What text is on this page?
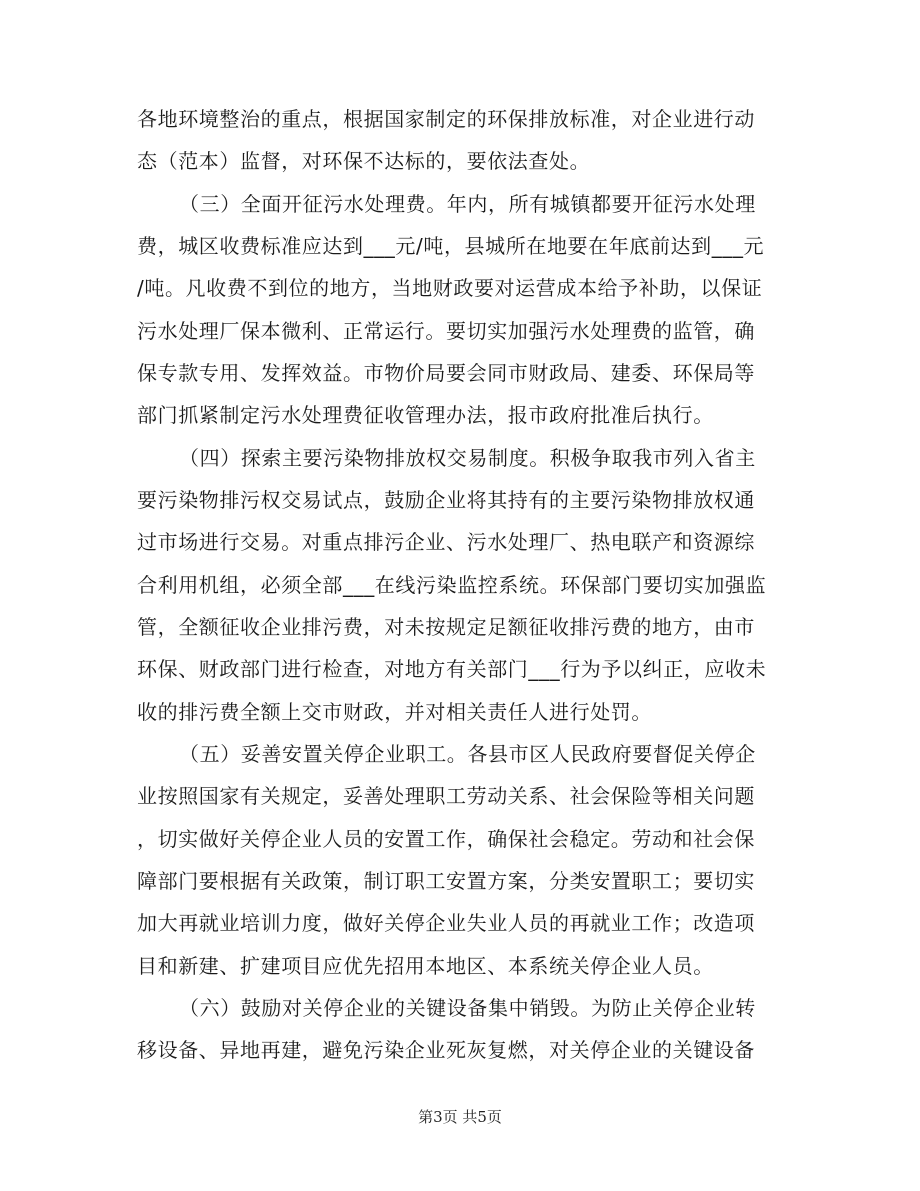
各地环境整治的重点，根据国家制定的环保排放标准，对企业进行动
态（范本）监督，对环保不达标的，要依法查处。
（三）全面开征污水处理费。年内，所有城镇都要开征污水处理
费，城区收费标准应达到___元/吨，县城所在地要在年底前达到___元
/吨。凡收费不到位的地方，当地财政要对运营成本给予补助，以保证
污水处理厂保本微利、正常运行。要切实加强污水处理费的监管，确
保专款专用、发挥效益。市物价局要会同市财政局、建委、环保局等
部门抓紧制定污水处理费征收管理办法，报市政府批准后执行。
（四）探索主要污染物排放权交易制度。积极争取我市列入省主
要污染物排污权交易试点，鼓励企业将其持有的主要污染物排放权通
过市场进行交易。对重点排污企业、污水处理厂、热电联产和资源综
合利用机组，必须全部___在线污染监控系统。环保部门要切实加强监
管，全额征收企业排污费，对未按规定足额征收排污费的地方，由市
环保、财政部门进行检查，对地方有关部门___行为予以纠正，应收未
收的排污费全额上交市财政，并对相关责任人进行处罚。
（五）妥善安置关停企业职工。各县市区人民政府要督促关停企
业按照国家有关规定，妥善处理职工劳动关系、社会保险等相关问题
，切实做好关停企业人员的安置工作，确保社会稳定。劳动和社会保
障部门要根据有关政策，制订职工安置方案，分类安置职工；要切实
加大再就业培训力度，做好关停企业失业人员的再就业工作；改造项
目和新建、扩建项目应优先招用本地区、本系统关停企业人员。
（六）鼓励对关停企业的关键设备集中销毁。为防止关停企业转
移设备、异地再建，避免污染企业死灰复燃，对关停企业的关键设备
第3页 共5页
